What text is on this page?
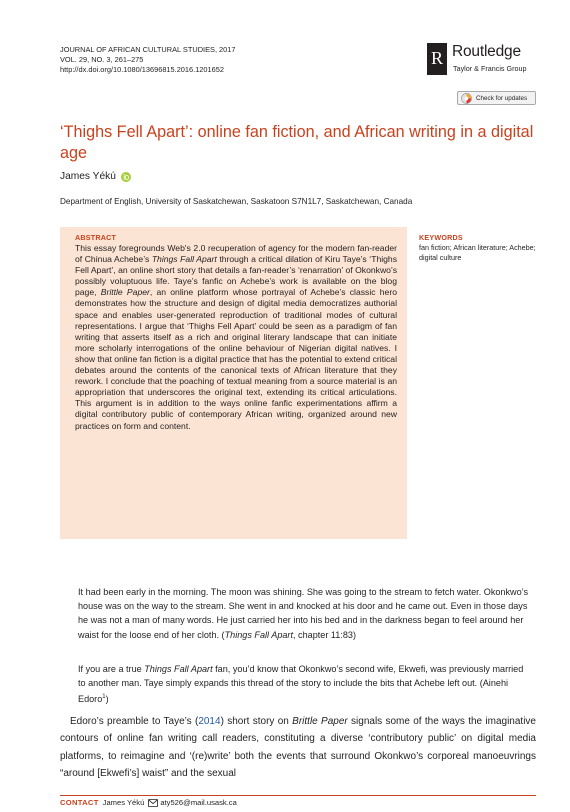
JOURNAL OF AFRICAN CULTURAL STUDIES, 2017
VOL. 29, NO. 3, 261–275
http://dx.doi.org/10.1080/13696815.2016.1201652
R Routledge
Taylor & Francis Group
Check for updates
‘Thighs Fell Apart’: online fan fiction, and African writing in a digital age
James Yékú
Department of English, University of Saskatchewan, Saskatoon S7N1L7, Saskatchewan, Canada
ABSTRACT
This essay foregrounds Web's 2.0 recuperation of agency for the modern fan-reader of Chinua Achebe’s Things Fall Apart through a critical dilation of Kiru Taye’s ‘Thighs Fell Apart’, an online short story that details a fan-reader’s ‘renarration’ of Okonkwo’s possibly voluptuous life. Taye’s fanfic on Achebe’s work is available on the blog page, Brittle Paper, an online platform whose portrayal of Achebe’s classic hero demonstrates how the structure and design of digital media democratizes authorial space and enables user-generated reproduction of traditional modes of cultural representations. I argue that ‘Thighs Fell Apart’ could be seen as a paradigm of fan writing that asserts itself as a rich and original literary landscape that can initiate more scholarly interrogations of the online behaviour of Nigerian digital natives. I show that online fan fiction is a digital practice that has the potential to extend critical debates around the contents of the canonical texts of African literature that they rework. I conclude that the poaching of textual meaning from a source material is an appropriation that underscores the original text, extending its critical articulations. This argument is in addition to the ways online fanfic experimentations affirm a digital contributory public of contemporary African writing, organized around new practices on form and content.
KEYWORDS
fan fiction; African literature; Achebe; digital culture
It had been early in the morning. The moon was shining. She was going to the stream to fetch water. Okonkwo’s house was on the way to the stream. She went in and knocked at his door and he came out. Even in those days he was not a man of many words. He just carried her into his bed and in the darkness began to feel around her waist for the loose end of her cloth. (Things Fall Apart, chapter 11:83)
If you are a true Things Fall Apart fan, you’d know that Okonkwo’s second wife, Ekwefi, was previously married to another man. Taye simply expands this thread of the story to include the bits that Achebe left out. (Ainehi Edoro$^1$)
 Edoro’s preamble to Taye’s (2014) short story on Brittle Paper signals some of the ways the imaginative contours of online fan writing call readers, constituting a diverse ‘contributory public’ on digital media platforms, to reimagine and ‘(re)write’ both the events that surround Okonkwo’s corporeal manoeuvrings “around [Ekwefi’s] waist” and the sexual
CONTACT James Yékú aty526@mail.usask.ca
